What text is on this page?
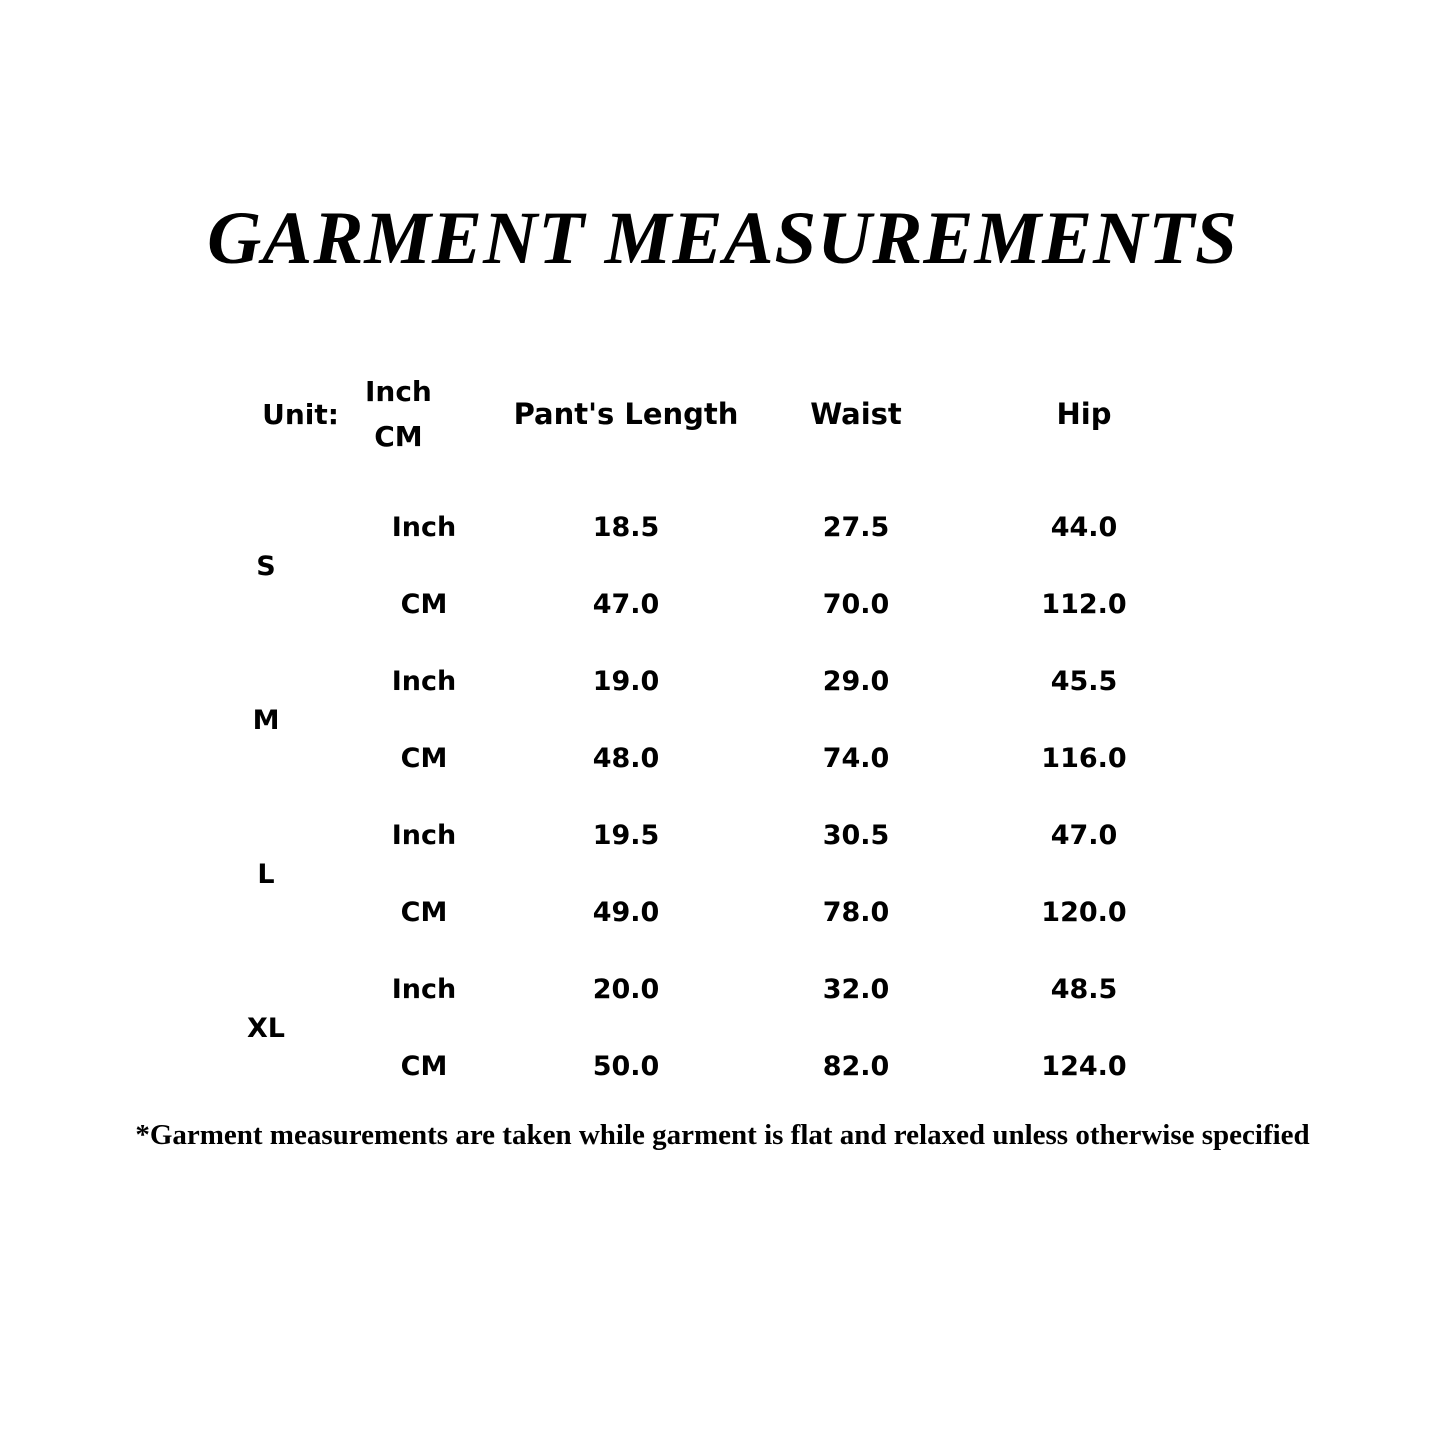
GARMENT MEASUREMENTS
Unit: $\frac{\text{Inch}}{CM}$		Pant's Length	Waist	Hip

S	Inch	18.5	27.5	44.0
	CM	47.0	70.0	112.0
M	Inch	19.0	29.0	45.5
	CM	48.0	74.0	116.0
L	Inch	19.5	30.5	47.0
	CM	49.0	78.0	120.0
XL	Inch	20.0	32.0	48.5
	CM	50.0	82.0	124.0
*Garment measurements are taken while garment is flat and relaxed unless otherwise specified
